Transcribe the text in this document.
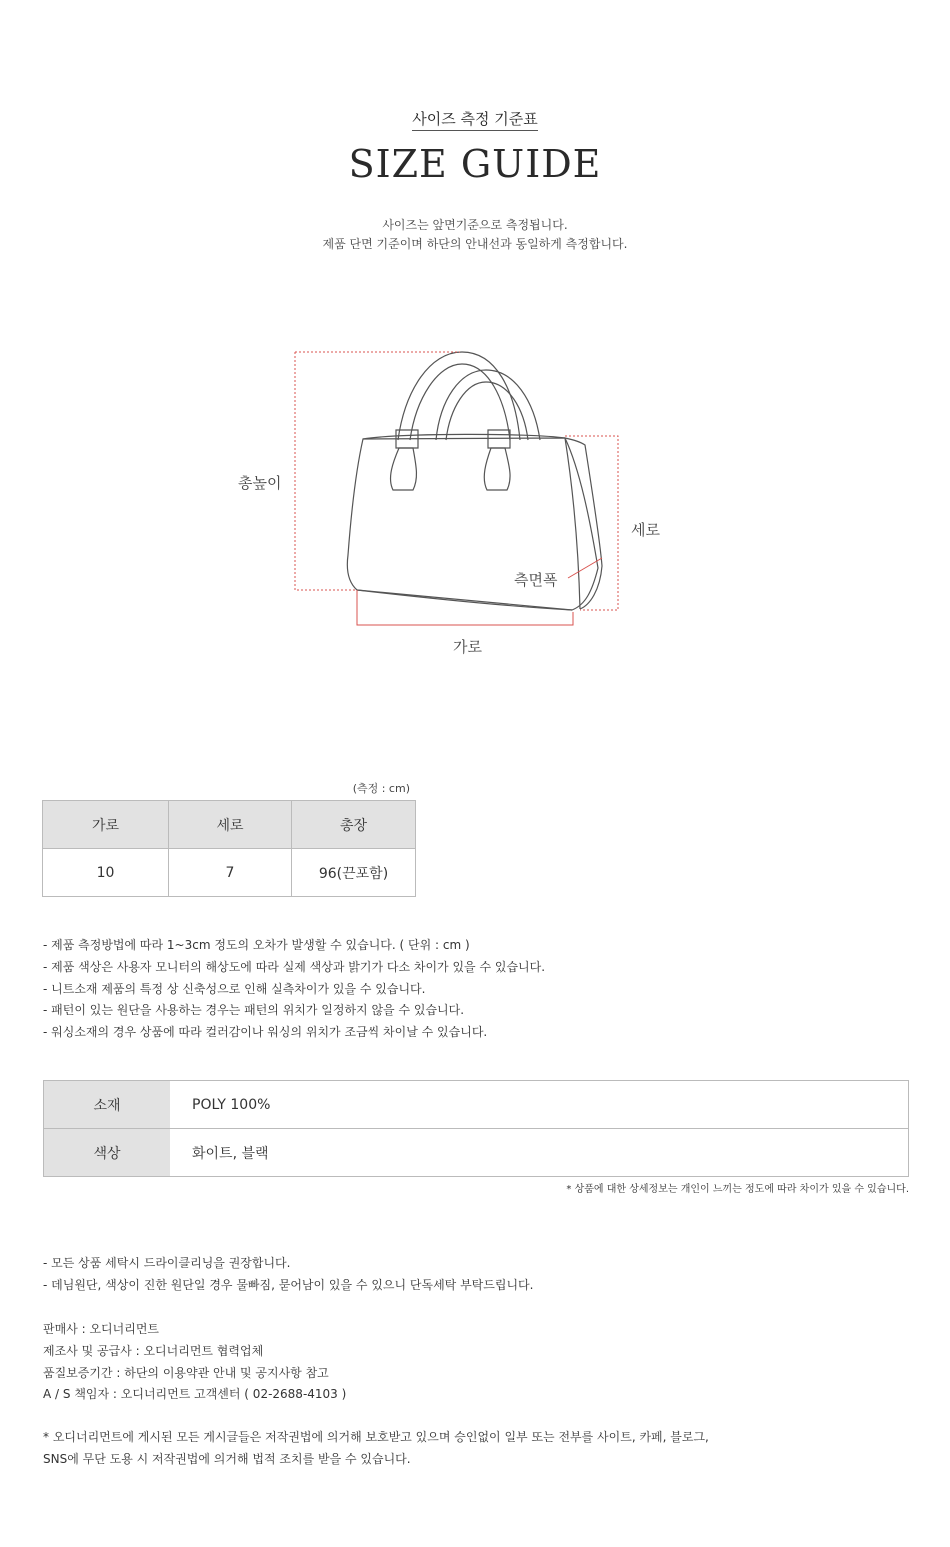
사이즈 측정 기준표
SIZE GUIDE
사이즈는 앞면기준으로 측정됩니다.
제품 단면 기준이며 하단의 안내선과 동일하게 측정합니다.
총높이
세로
측면폭
가로
(측정 : cm)
가로	세로	총장
10	7	96(끈포함)
- 제품 측정방법에 따라 1~3cm 정도의 오차가 발생할 수 있습니다. ( 단위 : cm )
- 제품 색상은 사용자 모니터의 해상도에 따라 실제 색상과 밝기가 다소 차이가 있을 수 있습니다.
- 니트소재 제품의 특정 상 신축성으로 인해 실측차이가 있을 수 있습니다.
- 패턴이 있는 원단을 사용하는 경우는 패턴의 위치가 일정하지 않을 수 있습니다.
- 워싱소재의 경우 상품에 따라 컬러감이나 워싱의 위치가 조금씩 차이날 수 있습니다.
소재	POLY 100%
색상	화이트, 블랙
* 상품에 대한 상세정보는 개인이 느끼는 정도에 따라 차이가 있을 수 있습니다.
- 모든 상품 세탁시 드라이클리닝을 권장합니다.
- 데님원단, 색상이 진한 원단일 경우 물빠짐, 묻어남이 있을 수 있으니 단독세탁 부탁드립니다.
판매사 : 오디너리먼트
제조사 및 공급사 : 오디너리먼트 협력업체
품질보증기간 : 하단의 이용약관 안내 및 공지사항 참고
A / S 책임자 : 오디너리먼트 고객센터 ( 02-2688-4103 )
* 오디너리먼트에 게시된 모든 게시글들은 저작권법에 의거해 보호받고 있으며 승인없이 일부 또는 전부를 사이트, 카페, 블로그,
SNS에 무단 도용 시 저작권법에 의거해 법적 조치를 받을 수 있습니다.
